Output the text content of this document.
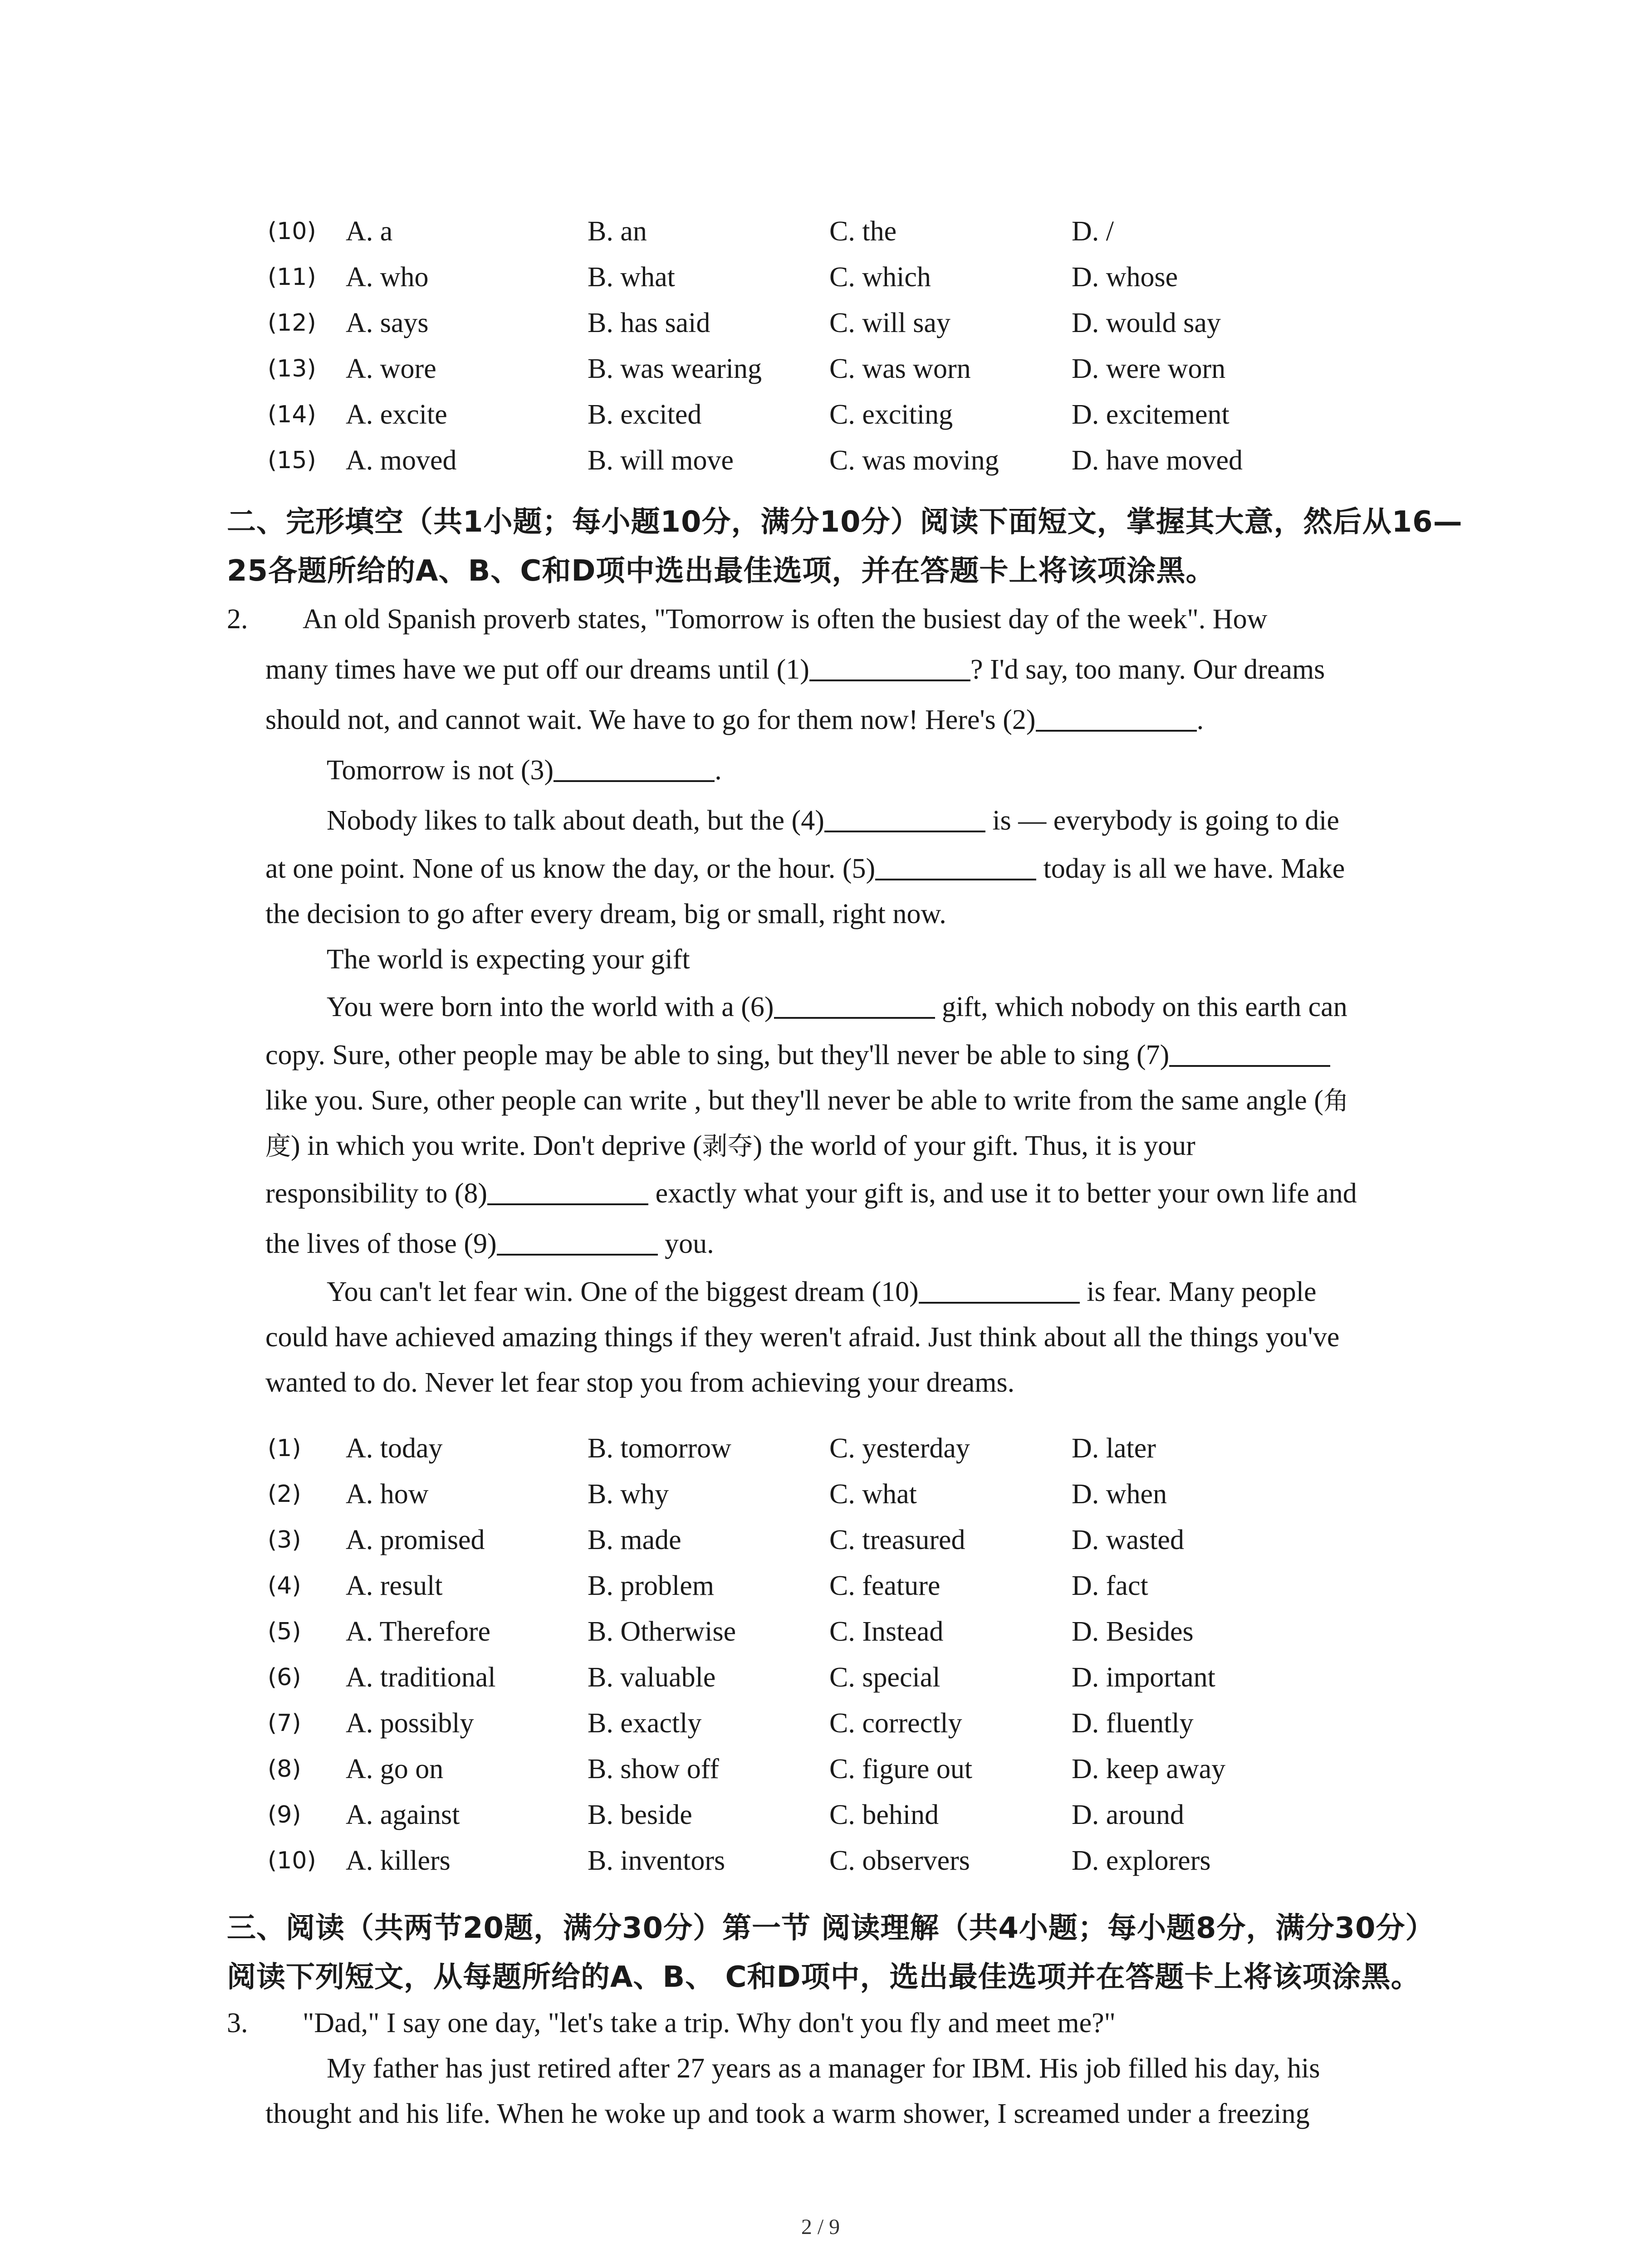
(10) A. a	B. an	C. the	D. /
(11) A. who	B. what	C. which	D. whose
(12) A. says	B. has said	C. will say	D. would say
(13) A. wore	B. was wearing C. was worn	D. were worn
(14) A. excite	B. excited	C. exciting	D. excitement
(15) A. moved	B. will move	C. was moving	D. have moved
二、完形填空（共1小题；每小题10分，满分10分）阅读下面短文，掌握其大意，然后从16—
25各题所给的A、B、C和D项中选出最佳选项，并在答题卡上将该项涂黑。
2.	An old Spanish proverb states, "Tomorrow is often the busiest day of the week". How
many times have we put off our dreams until (1)	? I'd say, too many. Our dreams
should not, and cannot wait. We have to go for them now! Here's (2)	.
Tomorrow is not (3)	.
Nobody likes to talk about death, but the (4)	is — everybody is going to die
at one point. None of us know the day, or the hour. (5)	today is all we have. Make
the decision to go after every dream, big or small, right now.
The world is expecting your gift
You were born into the world with a (6)	gift, which nobody on this earth can
copy. Sure, other people may be able to sing, but they'll never be able to sing (7)
like you. Sure, other people can write , but they'll never be able to write from the same angle (角
度) in which you write. Don't deprive (剥夺) the world of your gift. Thus, it is your
responsibility to (8)	exactly what your gift is, and use it to better your own life and
the lives of those (9)	you.
You can't let fear win. One of the biggest dream (10)	is fear. Many people
could have achieved amazing things if they weren't afraid. Just think about all the things you've
wanted to do. Never let fear stop you from achieving your dreams.
(1) A. today	B. tomorrow	C. yesterday	D. later
(2) A. how	B. why	C. what	D. when
(3) A. promised	B. made	C. treasured	D. wasted
(4) A. result	B. problem	C. feature	D. fact
(5) A. Therefore	B. Otherwise	C. Instead	D. Besides
(6) A. traditional	B. valuable	C. special	D. important
(7) A. possibly	B. exactly	C. correctly	D. fluently
(8) A. go on	B. show off	C. figure out	D. keep away
(9) A. against	B. beside	C. behind	D. around
(10) A. killers	B. inventors	C. observers	D. explorers
三、阅读（共两节20题，满分30分）第一节 阅读理解（共4小题；每小题8分，满分30分）
阅读下列短文，从每题所给的A、B、 C和D项中，选出最佳选项并在答题卡上将该项涂黑。
3.	"Dad," I say one day, "let's take a trip. Why don't you fly and meet me?"
My father has just retired after 27 years as a manager for IBM. His job filled his day, his
thought and his life. When he woke up and took a warm shower, I screamed under a freezing
2 / 9
